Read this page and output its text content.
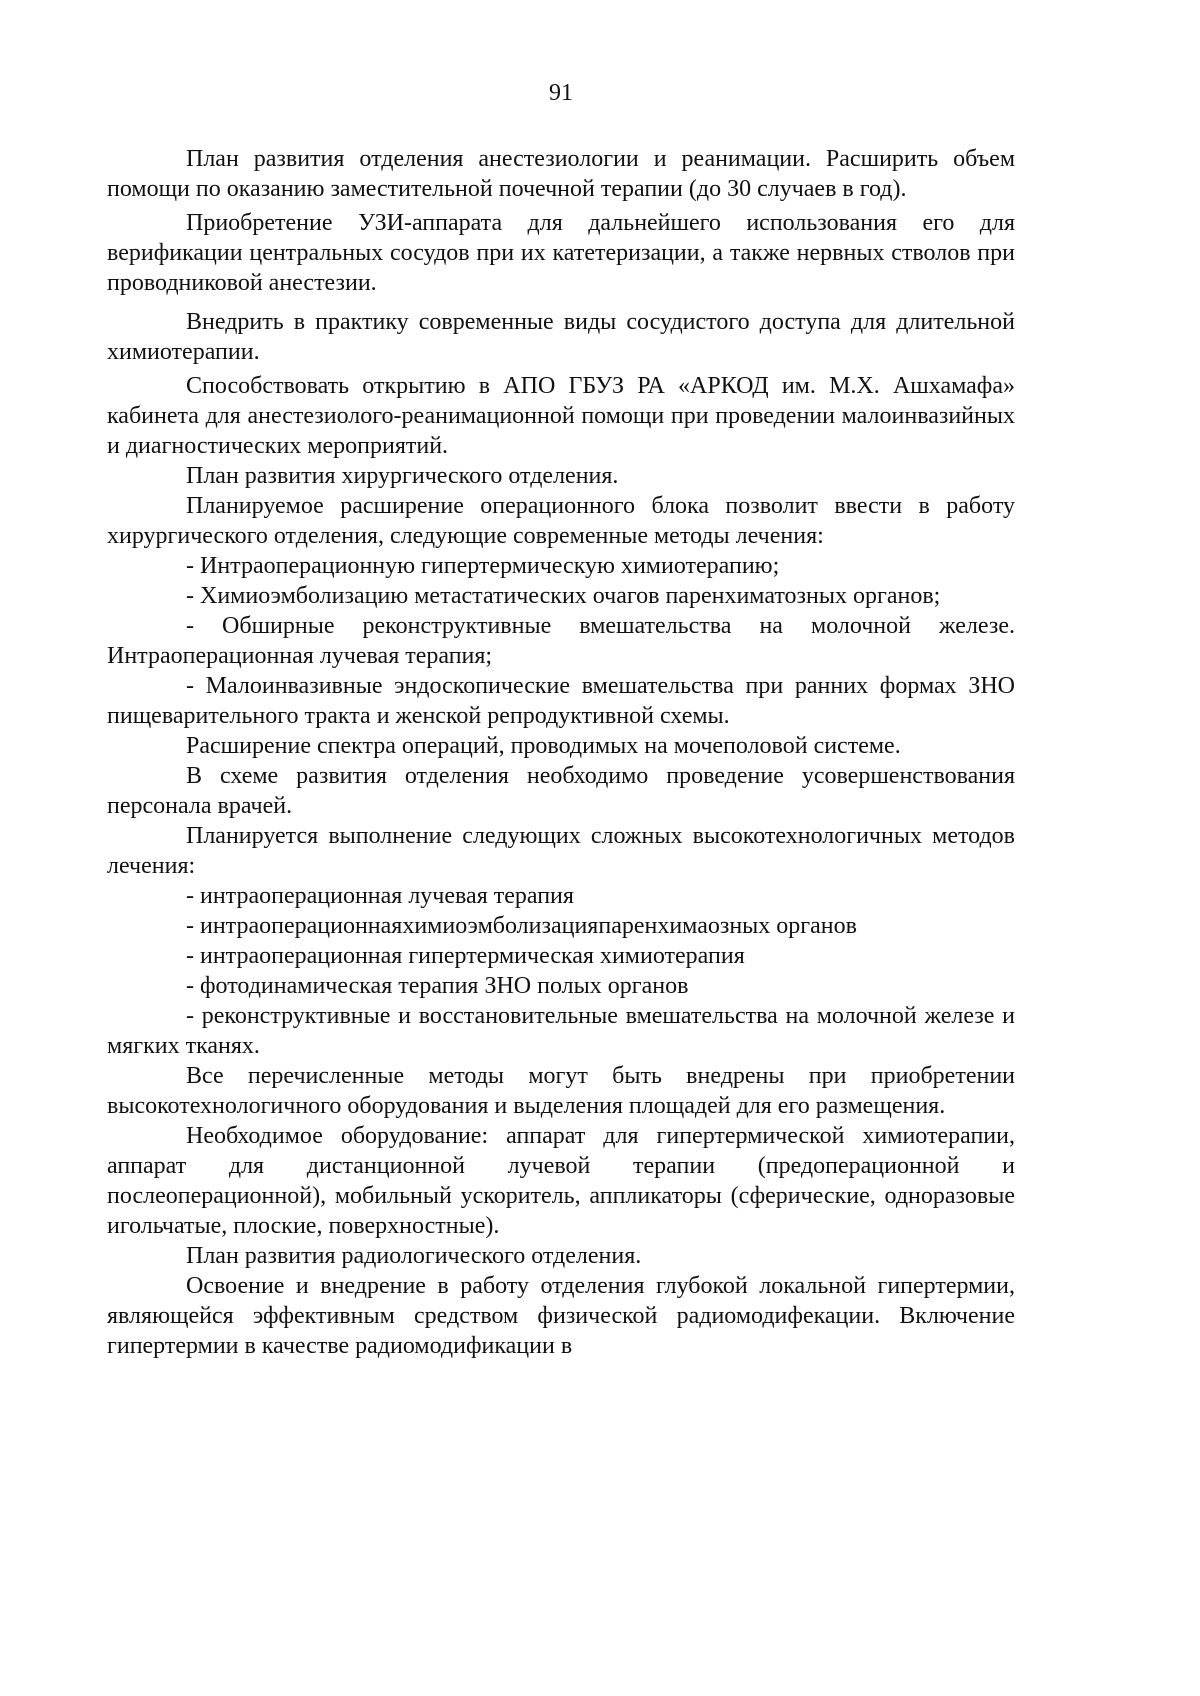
91

План развития отделения анестезиологии и реанимации. Расширить объем помощи по оказанию заместительной почечной терапии (до 30 случаев в год).

Приобретение УЗИ-аппарата для дальнейшего использования его для верификации центральных сосудов при их катетеризации, а также нервных стволов при проводниковой анестезии.

Внедрить в практику современные виды сосудистого доступа для длительной химиотерапии.

Способствовать открытию в АПО ГБУЗ РА «АРКОД им. М.Х. Ашхамафа» кабинета для анестезиолого-реанимационной помощи при проведении малоинвазийных и диагностических мероприятий.

План развития хирургического отделения.

Планируемое расширение операционного блока позволит ввести в работу хирургического отделения, следующие современные методы лечения:

- Интраоперационную гипертермическую химиотерапию;

- Химиоэмболизацию метастатических очагов паренхиматозных органов;

- Обширные реконструктивные вмешательства на молочной железе. Интраоперационная лучевая терапия;

- Малоинвазивные эндоскопические вмешательства при ранних формах ЗНО пищеварительного тракта и женской репродуктивной схемы.

Расширение спектра операций, проводимых на мочеполовой системе.

В схеме развития отделения необходимо проведение усовершенствования персонала врачей.

Планируется выполнение следующих сложных высокотехнологичных методов лечения:

- интраоперационная лучевая терапия

- интраоперационнаяхимиоэмболизацияпаренхимаозных органов

- интраоперационная гипертермическая химиотерапия

- фотодинамическая терапия ЗНО полых органов

- реконструктивные и восстановительные вмешательства на молочной железе и мягких тканях.

Все перечисленные методы могут быть внедрены при приобретении высокотехнологичного оборудования и выделения площадей для его размещения.

Необходимое оборудование: аппарат для гипертермической химиотерапии, аппарат для дистанционной лучевой терапии (предоперационной и послеоперационной), мобильный ускоритель, аппликаторы (сферические, одноразовые игольчатые, плоские, поверхностные).

План развития радиологического отделения.

Освоение и внедрение в работу отделения глубокой локальной гипертермии, являющейся эффективным средством физической радиомодифекации. Включение гипертермии в качестве радиомодификации в
